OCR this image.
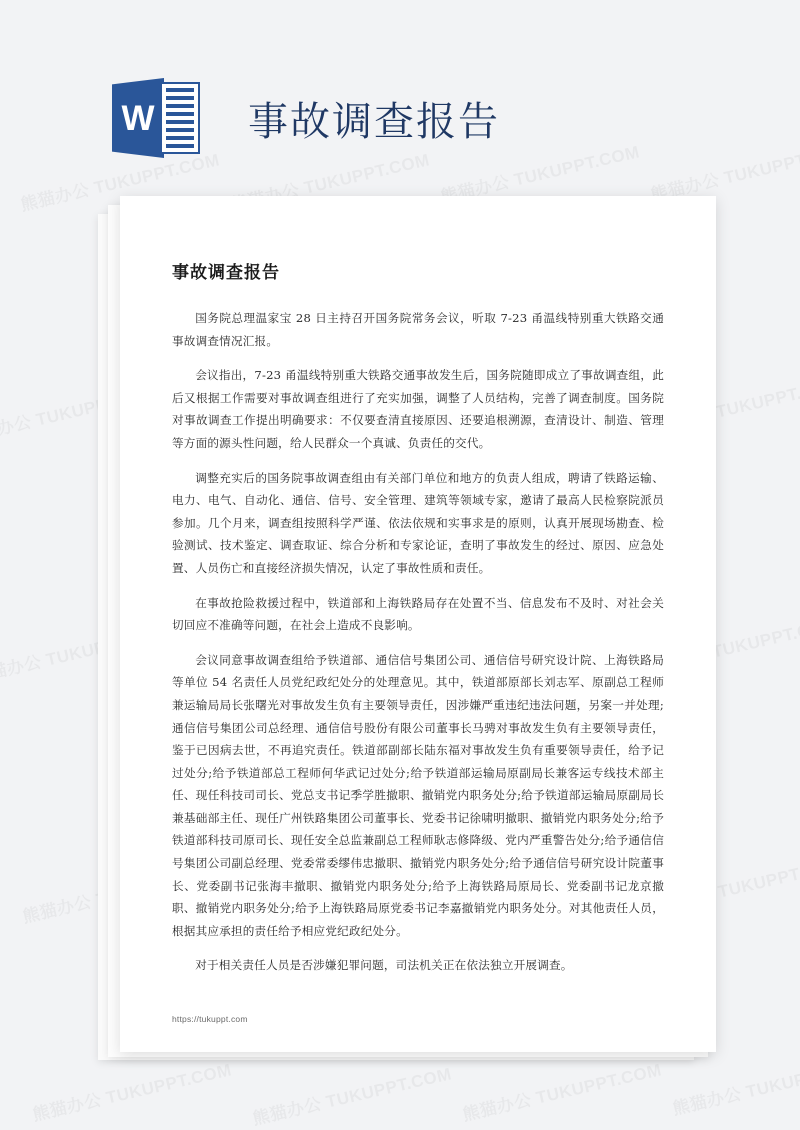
W 事故调查报告
事故调查报告

国务院总理温家宝 28 日主持召开国务院常务会议，听取 7-23 甬温线特别重大铁路交通事故调查情况汇报。

会议指出，7-23 甬温线特别重大铁路交通事故发生后，国务院随即成立了事故调查组，此后又根据工作需要对事故调查组进行了充实加强，调整了人员结构，完善了调查制度。国务院对事故调查工作提出明确要求：不仅要查清直接原因、还要追根溯源，查清设计、制造、管理等方面的源头性问题，给人民群众一个真诚、负责任的交代。

调整充实后的国务院事故调查组由有关部门单位和地方的负责人组成，聘请了铁路运输、电力、电气、自动化、通信、信号、安全管理、建筑等领域专家，邀请了最高人民检察院派员参加。几个月来，调查组按照科学严谨、依法依规和实事求是的原则，认真开展现场勘查、检验测试、技术鉴定、调查取证、综合分析和专家论证，查明了事故发生的经过、原因、应急处置、人员伤亡和直接经济损失情况，认定了事故性质和责任。

在事故抢险救援过程中，铁道部和上海铁路局存在处置不当、信息发布不及时、对社会关切回应不准确等问题，在社会上造成不良影响。

会议同意事故调查组给予铁道部、通信信号集团公司、通信信号研究设计院、上海铁路局等单位 54 名责任人员党纪政纪处分的处理意见。其中，铁道部原部长刘志军、原副总工程师兼运输局局长张曙光对事故发生负有主要领导责任，因涉嫌严重违纪违法问题，另案一并处理;通信信号集团公司总经理、通信信号股份有限公司董事长马骋对事故发生负有主要领导责任，鉴于已因病去世，不再追究责任。铁道部副部长陆东福对事故发生负有重要领导责任，给予记过处分;给予铁道部总工程师何华武记过处分;给予铁道部运输局原副局长兼客运专线技术部主任、现任科技司司长、党总支书记季学胜撤职、撤销党内职务处分;给予铁道部运输局原副局长兼基础部主任、现任广州铁路集团公司董事长、党委书记徐啸明撤职、撤销党内职务处分;给予铁道部科技司原司长、现任安全总监兼副总工程师耿志修降级、党内严重警告处分;给予通信信号集团公司副总经理、党委常委缪伟忠撤职、撤销党内职务处分;给予通信信号研究设计院董事长、党委副书记张海丰撤职、撤销党内职务处分;给予上海铁路局原局长、党委副书记龙京撤职、撤销党内职务处分;给予上海铁路局原党委书记李嘉撤销党内职务处分。对其他责任人员，根据其应承担的责任给予相应党纪政纪处分。

对于相关责任人员是否涉嫌犯罪问题，司法机关正在依法独立开展调查。

https://tukuppt.com
